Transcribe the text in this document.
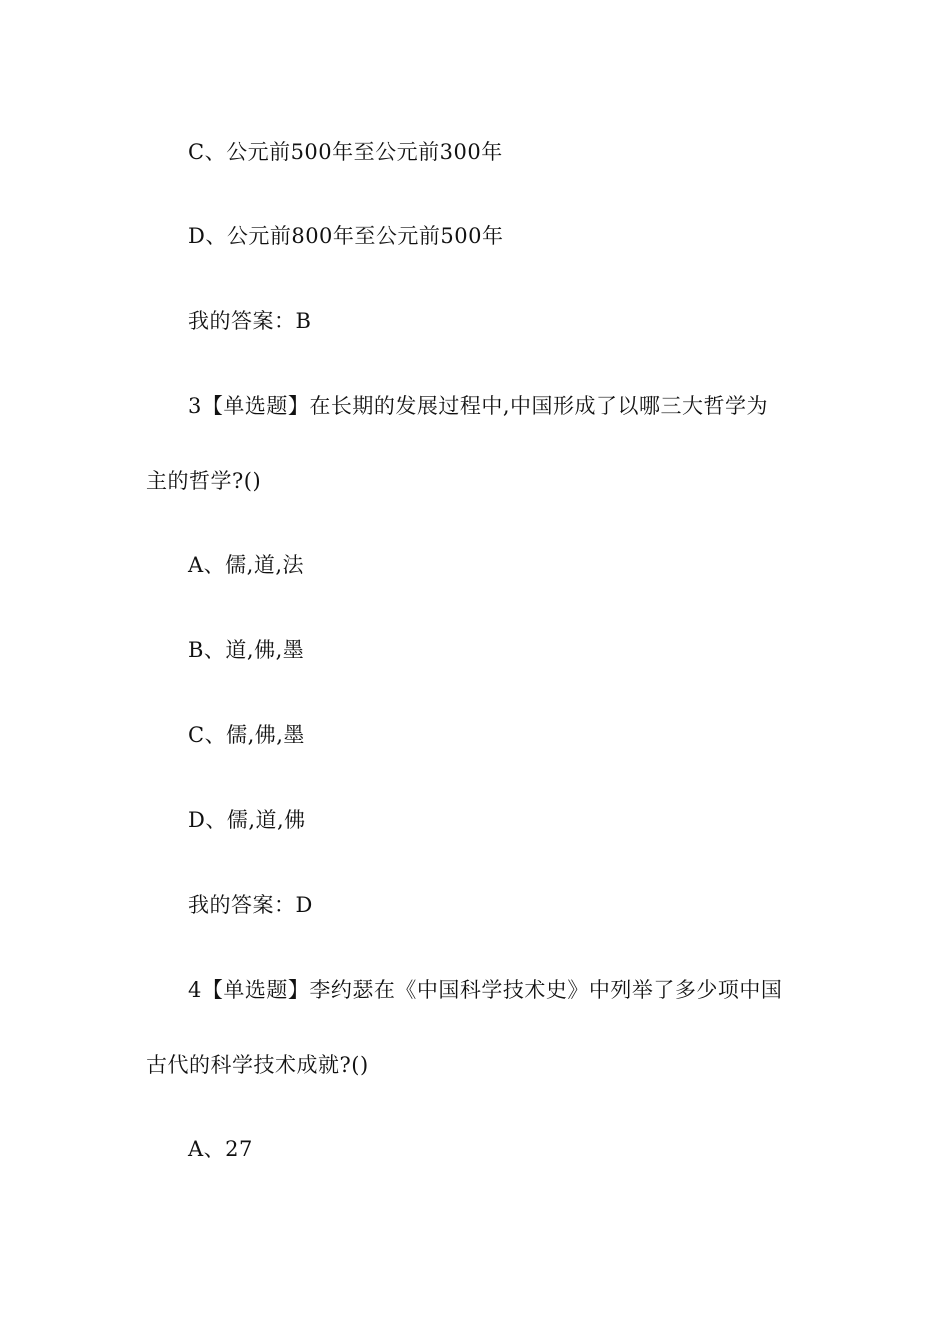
C、公元前500年至公元前300年
D、公元前800年至公元前500年
我的答案：B
3【单选题】在长期的发展过程中,中国形成了以哪三大哲学为
主的哲学?()
A、儒,道,法
B、道,佛,墨
C、儒,佛,墨
D、儒,道,佛
我的答案：D
4【单选题】李约瑟在《中国科学技术史》中列举了多少项中国
古代的科学技术成就?()
A、27
